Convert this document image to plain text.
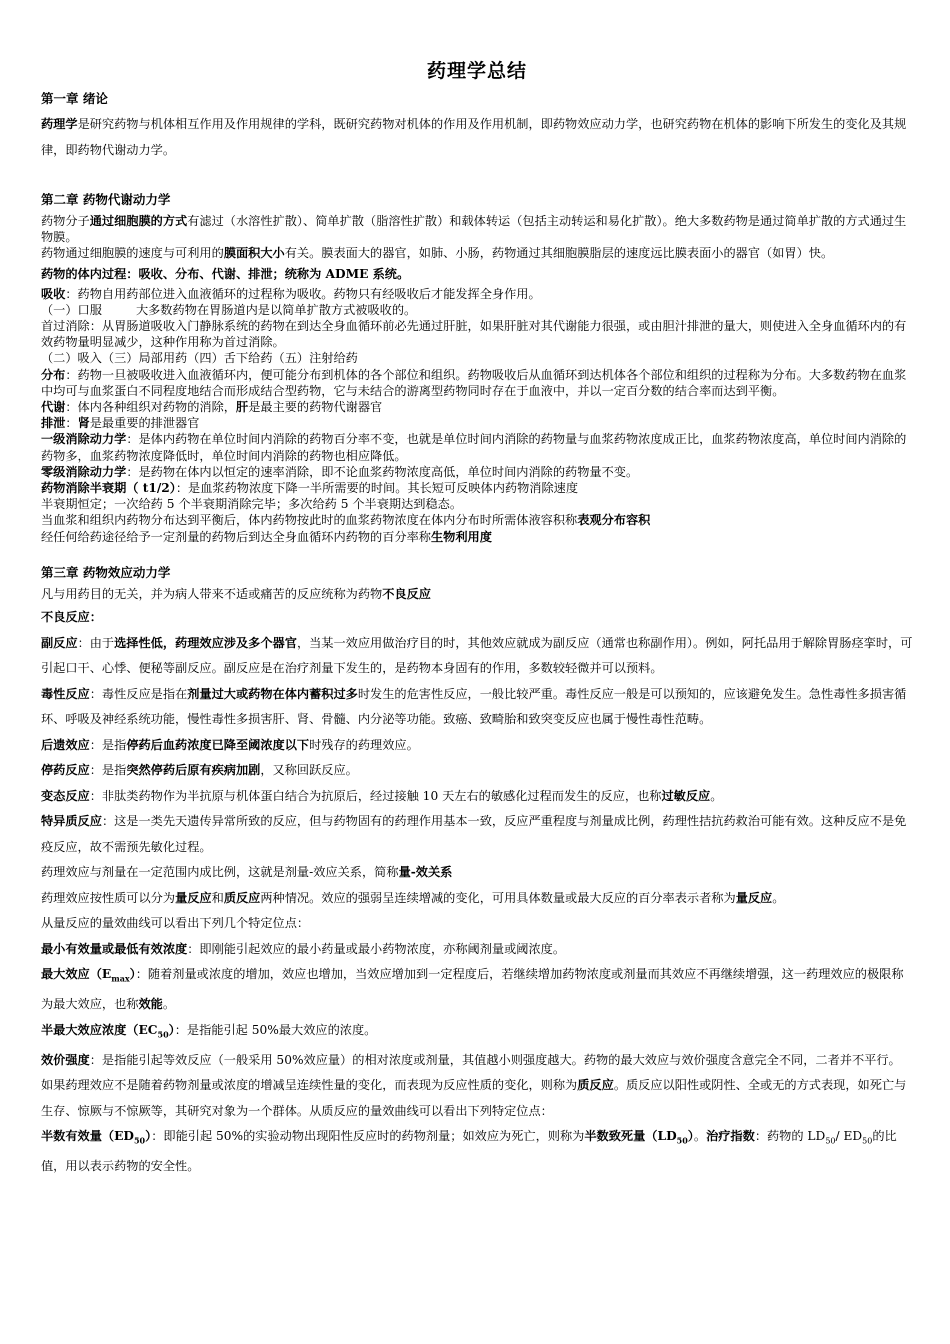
药理学总结
第一章 绪论

药理学是研究药物与机体相互作用及作用规律的学科，既研究药物对机体的作用及作用机制，即药物效应动力学，也研究药物在机体的影响下所发生的变化及其规律，即药物代谢动力学。

第二章 药物代谢动力学

药物分子通过细胞膜的方式有滤过（水溶性扩散）、简单扩散（脂溶性扩散）和载体转运（包括主动转运和易化扩散）。绝大多数药物是通过简单扩散的方式通过生物膜。

药物通过细胞膜的速度与可利用的膜面积大小有关。膜表面大的器官，如肺、小肠，药物通过其细胞膜脂层的速度远比膜表面小的器官（如胃）快。

药物的体内过程：吸收、分布、代谢、排泄；统称为 ADME 系统。

吸收：药物自用药部位进入血液循环的过程称为吸收。药物只有经吸收后才能发挥全身作用。

（一）口服	大多数药物在胃肠道内是以简单扩散方式被吸收的。

首过消除：从胃肠道吸收入门静脉系统的药物在到达全身血循环前必先通过肝脏，如果肝脏对其代谢能力很强，或由胆汁排泄的量大，则使进入全身血循环内的有效药物量明显减少，这种作用称为首过消除。

（二）吸入（三）局部用药（四）舌下给药（五）注射给药

分布：药物一旦被吸收进入血液循环内，便可能分布到机体的各个部位和组织。药物吸收后从血循环到达机体各个部位和组织的过程称为分布。大多数药物在血浆中均可与血浆蛋白不同程度地结合而形成结合型药物，它与未结合的游离型药物同时存在于血液中，并以一定百分数的结合率而达到平衡。

代谢：体内各种组织对药物的消除，肝是最主要的药物代谢器官

排泄：肾是最重要的排泄器官

一级消除动力学：是体内药物在单位时间内消除的药物百分率不变，也就是单位时间内消除的药物量与血浆药物浓度成正比，血浆药物浓度高，单位时间内消除的药物多，血浆药物浓度降低时，单位时间内消除的药物也相应降低。

零级消除动力学：是药物在体内以恒定的速率消除，即不论血浆药物浓度高低，单位时间内消除的药物量不变。

药物消除半衰期（ t1/2）：是血浆药物浓度下降一半所需要的时间。其长短可反映体内药物消除速度

半衰期恒定；一次给药 5 个半衰期消除完毕；多次给药 5 个半衰期达到稳态。

当血浆和组织内药物分布达到平衡后，体内药物按此时的血浆药物浓度在体内分布时所需体液容积称表观分布容积

经任何给药途径给予一定剂量的药物后到达全身血循环内药物的百分率称生物利用度

第三章 药物效应动力学

凡与用药目的无关，并为病人带来不适或痛苦的反应统称为药物不良反应

不良反应：

副反应：由于选择性低，药理效应涉及多个器官，当某一效应用做治疗目的时，其他效应就成为副反应（通常也称副作用）。例如，阿托品用于解除胃肠痉挛时，可引起口干、心悸、便秘等副反应。副反应是在治疗剂量下发生的，是药物本身固有的作用，多数较轻微并可以预料。

毒性反应：毒性反应是指在剂量过大或药物在体内蓄积过多时发生的危害性反应，一般比较严重。毒性反应一般是可以预知的，应该避免发生。急性毒性多损害循环、呼吸及神经系统功能，慢性毒性多损害肝、肾、骨髓、内分泌等功能。致癌、致畸胎和致突变反应也属于慢性毒性范畴。

后遗效应：是指停药后血药浓度已降至阈浓度以下时残存的药理效应。

停药反应：是指突然停药后原有疾病加剧，又称回跃反应。

变态反应：非肽类药物作为半抗原与机体蛋白结合为抗原后，经过接触 10 天左右的敏感化过程而发生的反应，也称过敏反应。

特异质反应：这是一类先天遗传异常所致的反应，但与药物固有的药理作用基本一致，反应严重程度与剂量成比例，药理性拮抗药救治可能有效。这种反应不是免疫反应，故不需预先敏化过程。

药理效应与剂量在一定范围内成比例，这就是剂量-效应关系，简称量-效关系

药理效应按性质可以分为量反应和质反应两种情况。效应的强弱呈连续增减的变化，可用具体数量或最大反应的百分率表示者称为量反应。

从量反应的量效曲线可以看出下列几个特定位点：

最小有效量或最低有效浓度：即刚能引起效应的最小药量或最小药物浓度，亦称阈剂量或阈浓度。

最大效应$(E_{max})$：随着剂量或浓度的增加，效应也增加，当效应增加到一定程度后，若继续增加药物浓度或剂量而其效应不再继续增强，这一药理效应的极限称为最大效应，也称效能。

半最大效应浓度$(EC_{50})$：是指能引起 50%最大效应的浓度。

效价强度：是指能引起等效反应（一般采用 50%效应量）的相对浓度或剂量，其值越小则强度越大。药物的最大效应与效价强度含意完全不同，二者并不平行。

如果药理效应不是随着药物剂量或浓度的增减呈连续性量的变化，而表现为反应性质的变化，则称为质反应。质反应以阳性或阴性、全或无的方式表现，如死亡与生存、惊厥与不惊厥等，其研究对象为一个群体。从质反应的量效曲线可以看出下列特定位点：

半数有效量$(ED_{50})$：即能引起 50%的实验动物出现阳性反应时的药物剂量；如效应为死亡，则称为半数致死量$(LD_{50})$。治疗指数：药物的 $LD_{50}/$ $ED_{50}$的比值，用以表示药物的安全性。
